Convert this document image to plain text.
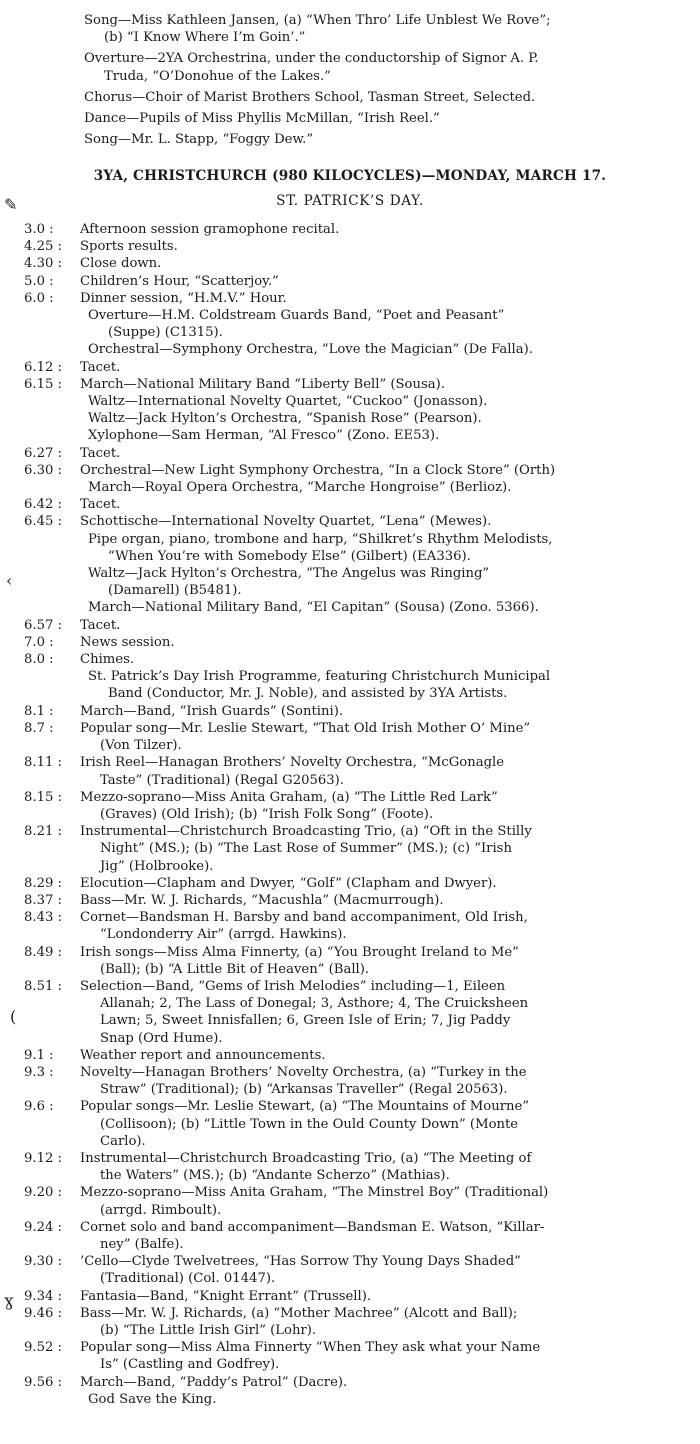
Song—Miss Kathleen Jansen, (a) “When Thro’ Life Unblest We Rove”;
(b) “I Know Where I’m Goin’.”

Overture—2YA Orchestrina, under the conductorship of Signor A. P.
Truda, “O’Donohue of the Lakes.”

Chorus—Choir of Marist Brothers School, Tasman Street, Selected.

Dance—Pupils of Miss Phyllis McMillan, “Irish Reel.”

Song—Mr. L. Stapp, “Foggy Dew.”

3YA, CHRISTCHURCH (980 KILOCYCLES)—MONDAY, MARCH 17.
ST. PATRICK’S DAY.
3.0 :	Afternoon session gramophone recital.
4.25 :	Sports results.
4.30 :	Close down.
5.0 :	Children’s Hour, “Scatterjoy.”
6.0 :	Dinner session, “H.M.V.” Hour.
Overture—H.M. Coldstream Guards Band, “Poet and Peasant”
(Suppe) (C1315).
Orchestral—Symphony Orchestra, “Love the Magician” (De Falla).
6.12 :	Tacet.
6.15 :	March—National Military Band “Liberty Bell” (Sousa).
Waltz—International Novelty Quartet, “Cuckoo” (Jonasson).
Waltz—Jack Hylton’s Orchestra, “Spanish Rose” (Pearson).
Xylophone—Sam Herman, “Al Fresco” (Zono. EE53).
6.27 :	Tacet.
6.30 :	Orchestral—New Light Symphony Orchestra, “In a Clock Store” (Orth)
March—Royal Opera Orchestra, “Marche Hongroise” (Berlioz).
6.42 :	Tacet.
6.45 :	Schottische—International Novelty Quartet, “Lena” (Mewes).
Pipe organ, piano, trombone and harp, “Shilkret’s Rhythm Melodists,
“When You’re with Somebody Else” (Gilbert) (EA336).
Waltz—Jack Hylton’s Orchestra, “The Angelus was Ringing”
(Damarell) (B5481).
March—National Military Band, “El Capitan” (Sousa) (Zono. 5366).
6.57 :	Tacet.
7.0 :	News session.
8.0 :	Chimes.
St. Patrick’s Day Irish Programme, featuring Christchurch Municipal
Band (Conductor, Mr. J. Noble), and assisted by 3YA Artists.
8.1 :	March—Band, “Irish Guards” (Sontini).
8.7 :	Popular song—Mr. Leslie Stewart, “That Old Irish Mother O’ Mine”
(Von Tilzer).
8.11 :	Irish Reel—Hanagan Brothers’ Novelty Orchestra, “McGonagle
Taste” (Traditional) (Regal G20563).
8.15 :	Mezzo-soprano—Miss Anita Graham, (a) “The Little Red Lark”
(Graves) (Old Irish); (b) “Irish Folk Song” (Foote).
8.21 :	Instrumental—Christchurch Broadcasting Trio, (a) “Oft in the Stilly
Night” (MS.); (b) “The Last Rose of Summer” (MS.); (c) “Irish
Jig” (Holbrooke).
8.29 :	Elocution—Clapham and Dwyer, “Golf” (Clapham and Dwyer).
8.37 :	Bass—Mr. W. J. Richards, “Macushla” (Macmurrough).
8.43 :	Cornet—Bandsman H. Barsby and band accompaniment, Old Irish,
“Londonderry Air” (arrgd. Hawkins).
8.49 :	Irish songs—Miss Alma Finnerty, (a) “You Brought Ireland to Me”
(Ball); (b) “A Little Bit of Heaven” (Ball).
8.51 :	Selection—Band, “Gems of Irish Melodies” including—1, Eileen
Allanah; 2, The Lass of Donegal; 3, Asthore; 4, The Cruicksheen
Lawn; 5, Sweet Innisfallen; 6, Green Isle of Erin; 7, Jig Paddy
Snap (Ord Hume).
9.1 :	Weather report and announcements.
9.3 :	Novelty—Hanagan Brothers’ Novelty Orchestra, (a) “Turkey in the
Straw” (Traditional); (b) “Arkansas Traveller” (Regal 20563).
9.6 :	Popular songs—Mr. Leslie Stewart, (a) “The Mountains of Mourne”
(Collisoon); (b) “Little Town in the Ould County Down” (Monte
Carlo).
9.12 :	Instrumental—Christchurch Broadcasting Trio, (a) “The Meeting of
the Waters” (MS.); (b) “Andante Scherzo” (Mathias).
9.20 :	Mezzo-soprano—Miss Anita Graham, “The Minstrel Boy” (Traditional)
(arrgd. Rimboult).
9.24 :	Cornet solo and band accompaniment—Bandsman E. Watson, “Killar-
ney” (Balfe).
9.30 :	’Cello—Clyde Twelvetrees, “Has Sorrow Thy Young Days Shaded”
(Traditional) (Col. 01447).
9.34 :	Fantasia—Band, “Knight Errant” (Trussell).
9.46 :	Bass—Mr. W. J. Richards, (a) “Mother Machree” (Alcott and Ball);
(b) “The Little Irish Girl” (Lohr).
9.52 :	Popular song—Miss Alma Finnerty “When They ask what your Name
Is” (Castling and Godfrey).
9.56 :	March—Band, “Paddy’s Patrol” (Dacre).
God Save the King.
✎
‹
(
ɣ
